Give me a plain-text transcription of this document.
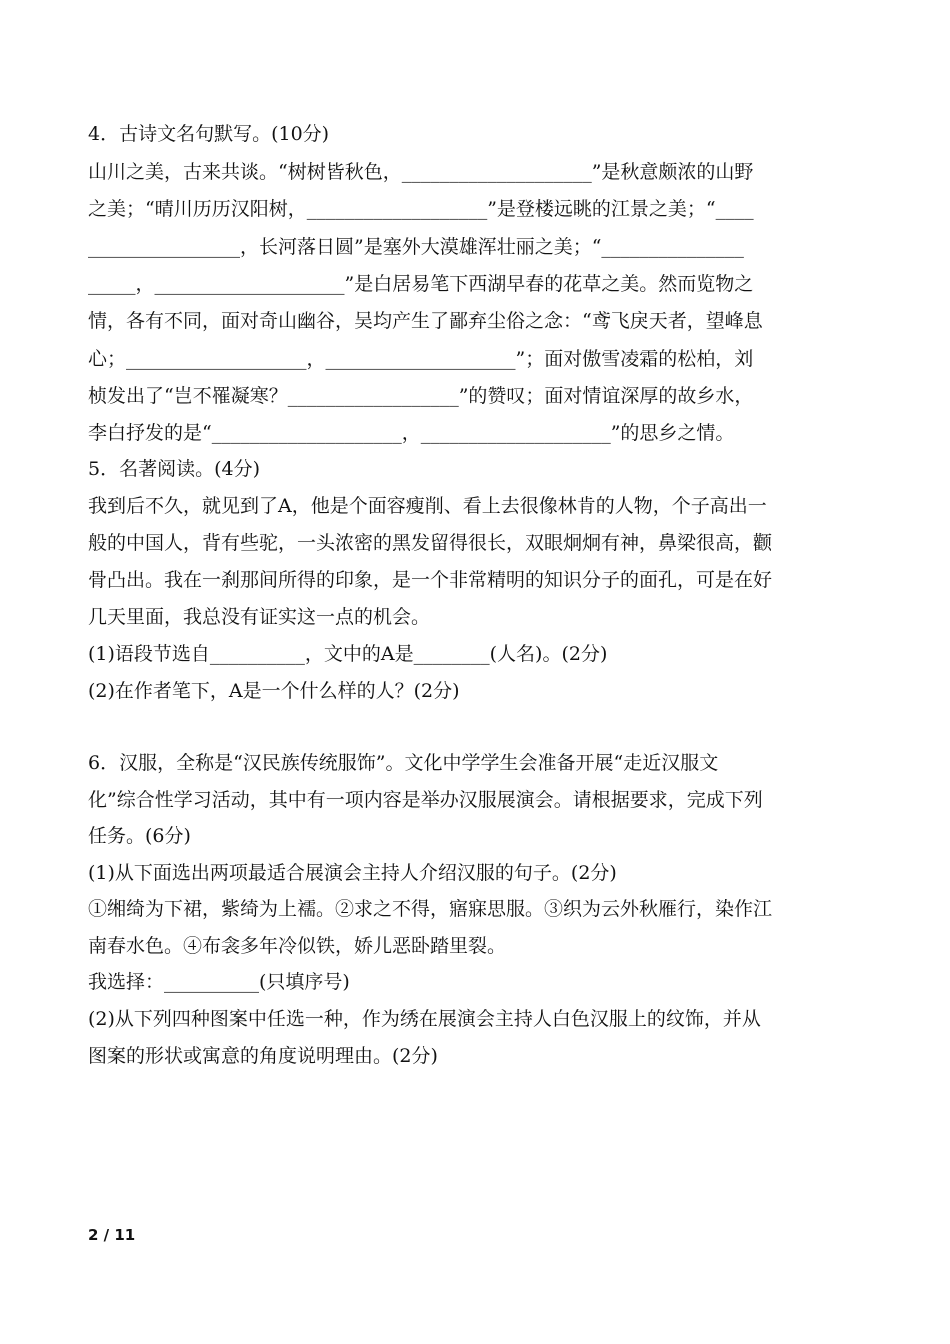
4．古诗文名句默写。(10分)
山川之美，古来共谈。“树树皆秋色，____________________”是秋意颇浓的山野
之美；“晴川历历汉阳树，___________________”是登楼远眺的江景之美；“____
________________，长河落日圆”是塞外大漠雄浑壮丽之美；“_______________
_____，____________________”是白居易笔下西湖早春的花草之美。然而览物之
情，各有不同，面对奇山幽谷，吴均产生了鄙弃尘俗之念：“鸢飞戾天者，望峰息
心；___________________，____________________”；面对傲雪凌霜的松柏，刘
桢发出了“岂不罹凝寒？__________________”的赞叹；面对情谊深厚的故乡水，
李白抒发的是“____________________，____________________”的思乡之情。
5．名著阅读。(4分)
我到后不久，就见到了A，他是个面容瘦削、看上去很像林肯的人物，个子高出一
般的中国人，背有些驼，一头浓密的黑发留得很长，双眼炯炯有神，鼻梁很高，颧
骨凸出。我在一刹那间所得的印象，是一个非常精明的知识分子的面孔，可是在好
几天里面，我总没有证实这一点的机会。
(1)语段节选自__________，文中的A是________(人名)。(2分)
(2)在作者笔下，A是一个什么样的人？(2分)
6．汉服，全称是“汉民族传统服饰”。文化中学学生会准备开展“走近汉服文
化”综合性学习活动，其中有一项内容是举办汉服展演会。请根据要求，完成下列
任务。(6分)
(1)从下面选出两项最适合展演会主持人介绍汉服的句子。(2分)
①缃绮为下裙，紫绮为上襦。②求之不得，寤寐思服。③织为云外秋雁行，染作江
南春水色。④布衾多年冷似铁，娇儿恶卧踏里裂。
我选择：__________(只填序号)
(2)从下列四种图案中任选一种，作为绣在展演会主持人白色汉服上的纹饰，并从
图案的形状或寓意的角度说明理由。(2分)
2 / 11
